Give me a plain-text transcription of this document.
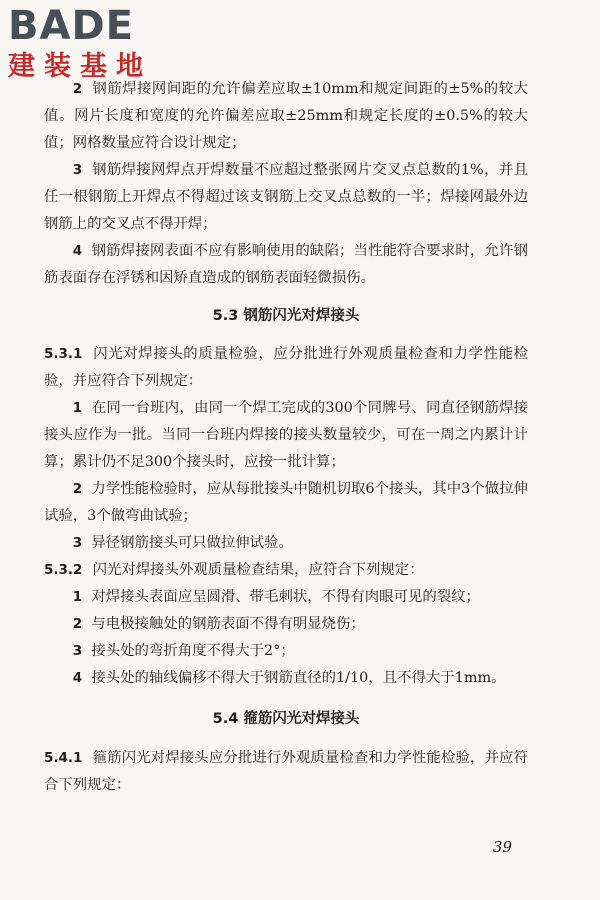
BADE
建装基地

2 钢筋焊接网间距的允许偏差应取±10mm和规定间距的±5%的较大值。网片长度和宽度的允许偏差应取±25mm和规定长度的±0.5%的较大值；网格数量应符合设计规定；

3 钢筋焊接网焊点开焊数量不应超过整张网片交叉点总数的1%，并且任一根钢筋上开焊点不得超过该支钢筋上交叉点总数的一半；焊接网最外边钢筋上的交叉点不得开焊；

4 钢筋焊接网表面不应有影响使用的缺陷；当性能符合要求时，允许钢筋表面存在浮锈和因矫直造成的钢筋表面轻微损伤。

5.3 钢筋闪光对焊接头

5.3.1 闪光对焊接头的质量检验，应分批进行外观质量检查和力学性能检验，并应符合下列规定：

1 在同一台班内，由同一个焊工完成的300个同牌号、同直径钢筋焊接接头应作为一批。当同一台班内焊接的接头数量较少，可在一周之内累计计算；累计仍不足300个接头时，应按一批计算；

2 力学性能检验时，应从每批接头中随机切取6个接头，其中3个做拉伸试验，3个做弯曲试验；

3 异径钢筋接头可只做拉伸试验。

5.3.2 闪光对焊接头外观质量检查结果，应符合下列规定：

1 对焊接头表面应呈圆滑、带毛刺状，不得有肉眼可见的裂纹；

2 与电极接触处的钢筋表面不得有明显烧伤；

3 接头处的弯折角度不得大于2°；

4 接头处的轴线偏移不得大于钢筋直径的1/10，且不得大于1mm。

5.4 箍筋闪光对焊接头

5.4.1 箍筋闪光对焊接头应分批进行外观质量检查和力学性能检验，并应符合下列规定：

39
